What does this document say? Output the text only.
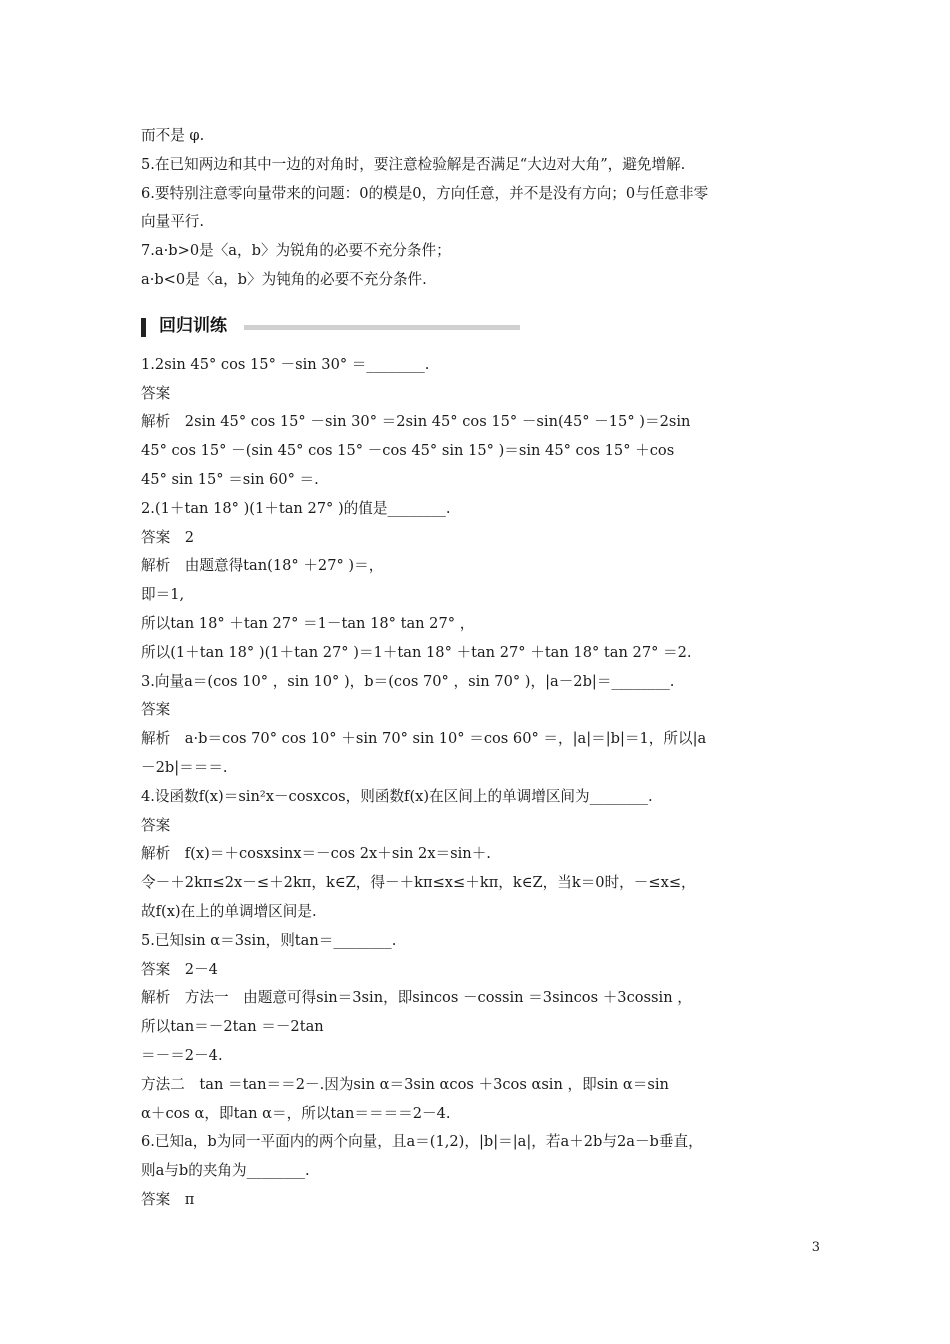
而不是 φ.
5.在已知两边和其中一边的对角时，要注意检验解是否满足“大边对大角”，避免增解.
6.要特别注意零向量带来的问题：0的模是0，方向任意，并不是没有方向；0与任意非零
向量平行.
7.a·b>0是〈a，b〉为锐角的必要不充分条件；
a·b<0是〈a，b〉为钝角的必要不充分条件.
回归训练
1.2sin 45° cos 15° －sin 30° ＝________.
答案
解析　2sin 45° cos 15° －sin 30° ＝2sin 45° cos 15° －sin(45° －15° )＝2sin
45° cos 15° －(sin 45° cos 15° －cos 45° sin 15° )＝sin 45° cos 15° ＋cos
45° sin 15° ＝sin 60° ＝.
2.(1＋tan 18° )(1＋tan 27° )的值是________.
答案　2
解析　由题意得tan(18° ＋27° )＝，
即＝1,
所以tan 18° ＋tan 27° ＝1－tan 18° tan 27° ，
所以(1＋tan 18° )(1＋tan 27° )＝1＋tan 18° ＋tan 27° ＋tan 18° tan 27° ＝2.
3.向量a＝(cos 10° ，sin 10° )，b＝(cos 70° ，sin 70° )，|a－2b|＝________.
答案
解析　a·b＝cos 70° cos 10° ＋sin 70° sin 10° ＝cos 60° ＝，|a|＝|b|＝1，所以|a
－2b|＝＝＝.
4.设函数f(x)＝sin²x－cosxcos，则函数f(x)在区间上的单调增区间为________.
答案
解析　f(x)＝＋cosxsinx＝－cos 2x＋sin 2x＝sin＋.
令－＋2kπ≤2x－≤＋2kπ，k∈Z，得－＋kπ≤x≤＋kπ，k∈Z，当k＝0时，－≤x≤，
故f(x)在上的单调增区间是.
5.已知sin α＝3sin，则tan＝________.
答案　2－4
解析　方法一　由题意可得sin＝3sin，即sincos －cossin ＝3sincos ＋3cossin ，
所以tan＝－2tan ＝－2tan
＝－＝2－4.
方法二　tan ＝tan＝＝2－.因为sin α＝3sin αcos ＋3cos αsin ，即sin α＝sin
α＋cos α，即tan α＝，所以tan＝＝＝＝2－4.
6.已知a，b为同一平面内的两个向量，且a＝(1,2)，|b|＝|a|，若a＋2b与2a－b垂直，
则a与b的夹角为________.
答案　π
3
